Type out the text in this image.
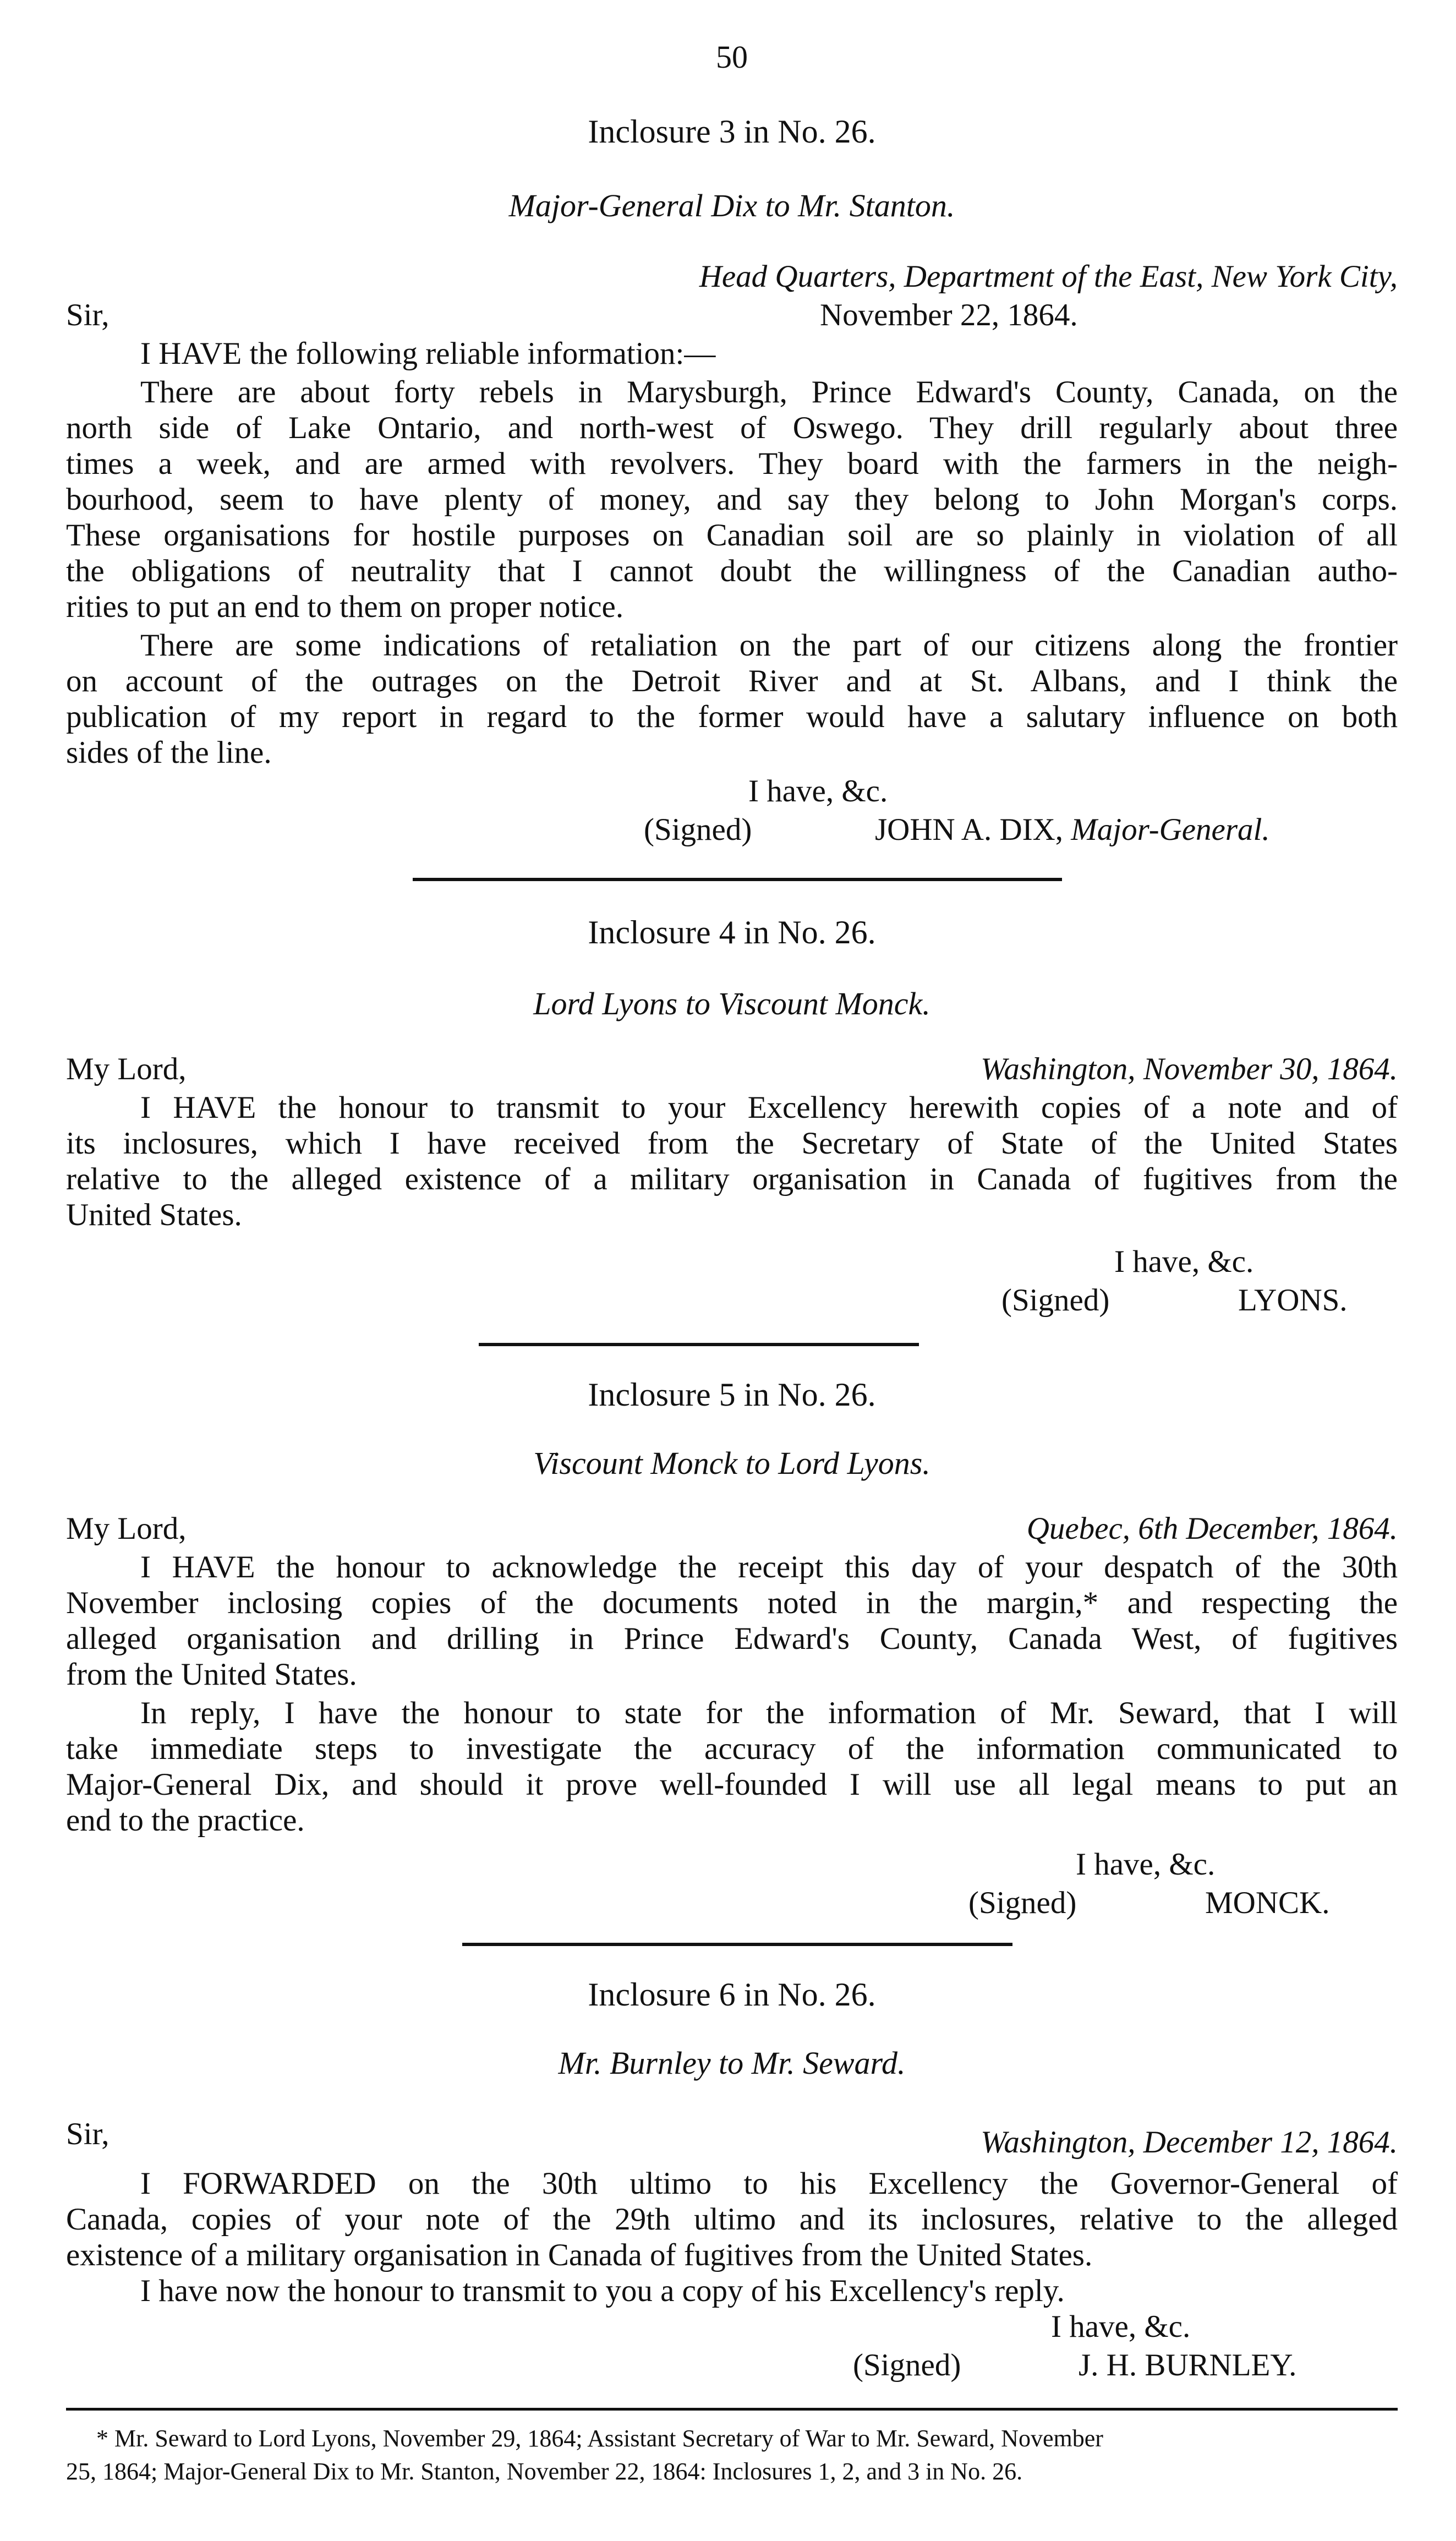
50
Inclosure 3 in No. 26.
Major-General Dix to Mr. Stanton.
Head Quarters, Department of the East, New York City,
Sir,	November 22, 1864.
I HAVE the following reliable information:—
There are about forty rebels in Marysburgh, Prince Edward's County, Canada, on the
north side of Lake Ontario, and north-west of Oswego. They drill regularly about three
times a week, and are armed with revolvers. They board with the farmers in the neigh-
bourhood, seem to have plenty of money, and say they belong to John Morgan's corps.
These organisations for hostile purposes on Canadian soil are so plainly in violation of all
the obligations of neutrality that I cannot doubt the willingness of the Canadian autho-
rities to put an end to them on proper notice.
There are some indications of retaliation on the part of our citizens along the frontier
on account of the outrages on the Detroit River and at St. Albans, and I think the
publication of my report in regard to the former would have a salutary influence on both
sides of the line.
I have, &c.
(Signed)	JOHN A. DIX, Major-General.
Inclosure 4 in No. 26.
Lord Lyons to Viscount Monck.
My Lord,	Washington, November 30, 1864.
I HAVE the honour to transmit to your Excellency herewith copies of a note and of
its inclosures, which I have received from the Secretary of State of the United States
relative to the alleged existence of a military organisation in Canada of fugitives from the
United States.
I have, &c.
(Signed)	LYONS.
Inclosure 5 in No. 26.
Viscount Monck to Lord Lyons.
My Lord,	Quebec, 6th December, 1864.
I HAVE the honour to acknowledge the receipt this day of your despatch of the 30th
November inclosing copies of the documents noted in the margin,* and respecting the
alleged organisation and drilling in Prince Edward's County, Canada West, of fugitives
from the United States.
In reply, I have the honour to state for the information of Mr. Seward, that I will
take immediate steps to investigate the accuracy of the information communicated to
Major-General Dix, and should it prove well-founded I will use all legal means to put an
end to the practice.
I have, &c.
(Signed)	MONCK.
Inclosure 6 in No. 26.
Mr. Burnley to Mr. Seward.
Sir,	Washington, December 12, 1864.
I FORWARDED on the 30th ultimo to his Excellency the Governor-General of
Canada, copies of your note of the 29th ultimo and its inclosures, relative to the alleged
existence of a military organisation in Canada of fugitives from the United States.
I have now the honour to transmit to you a copy of his Excellency's reply.
I have, &c.
(Signed)	J. H. BURNLEY.
* Mr. Seward to Lord Lyons, November 29, 1864; Assistant Secretary of War to Mr. Seward, November
25, 1864; Major-General Dix to Mr. Stanton, November 22, 1864: Inclosures 1, 2, and 3 in No. 26.
